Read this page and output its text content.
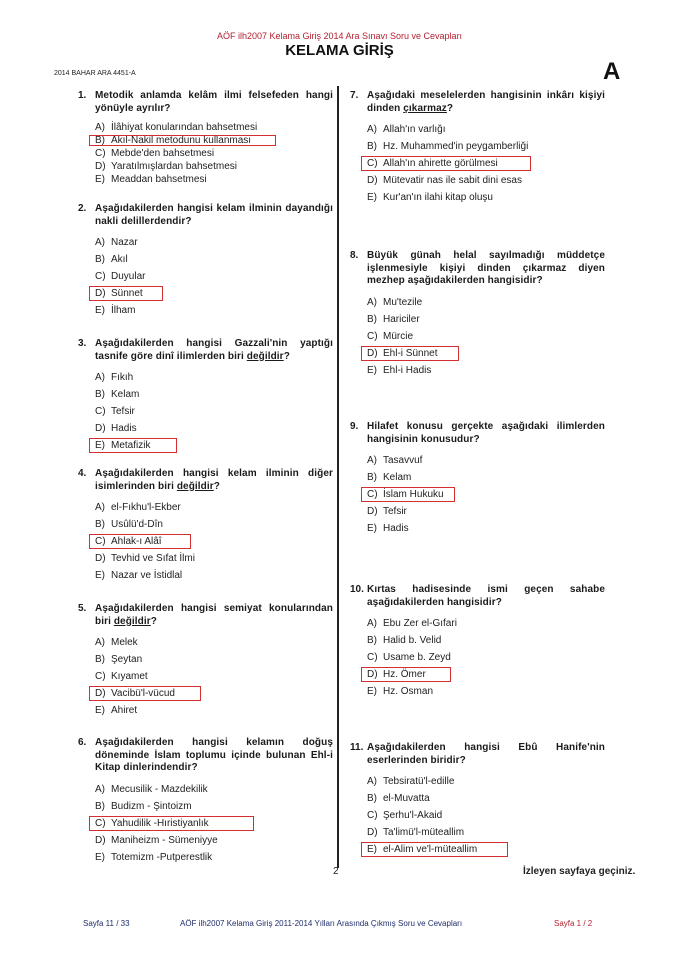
AÖF ilh2007 Kelama Giriş 2014 Ara Sınavı Soru ve Cevapları
KELAMA GİRİŞ
2014 BAHAR ARA 4451-A	A
1. Metodik anlamda kelâm ilmi felsefeden hangi yönüyle ayrılır?
A) İlâhiyat konularından bahsetmesi
B) Akıl-Nakil metodunu kullanması
C) Mebde'den bahsetmesi
D) Yaratılmışlardan bahsetmesi
E) Meaddan bahsetmesi
2. Aşağıdakilerden hangisi kelam ilminin dayandığı nakli delillerdendir?
A) Nazar
B) Akıl
C) Duyular
D) Sünnet
E) İlham
3. Aşağıdakilerden hangisi Gazzali'nin yaptığı tasnife göre dinî ilimlerden biri değildir?
A) Fıkıh
B) Kelam
C) Tefsir
D) Hadis
E) Metafizik
4. Aşağıdakilerden hangisi kelam ilminin diğer isimlerinden biri değildir?
A) el-Fıkhu'l-Ekber
B) Usûlü'd-Dîn
C) Ahlak-ı Alâî
D) Tevhid ve Sıfat İlmi
E) Nazar ve İstidlal
5. Aşağıdakilerden hangisi semiyat konularından biri değildir?
A) Melek
B) Şeytan
C) Kıyamet
D) Vacibü'l-vücud
E) Ahiret
6. Aşağıdakilerden hangisi kelamın doğuş döneminde İslam toplumu içinde bulunan Ehl-i Kitap dinlerindendir?
A) Mecusilik - Mazdekilik
B) Budizm - Şintoizm
C) Yahudilik -Hıristiyanlık
D) Maniheizm - Sümeniyye
E) Totemizm -Putperestlik
7. Aşağıdaki meselelerden hangisinin inkârı kişiyi dinden çıkarmaz?
A) Allah'ın varlığı
B) Hz. Muhammed'in peygamberliği
C) Allah'ın ahirette görülmesi
D) Mütevatir nas ile sabit dini esas
E) Kur'an'ın ilahi kitap oluşu
8. Büyük günah helal sayılmadığı müddetçe işlenmesiyle kişiyi dinden çıkarmaz diyen mezhep aşağıdakilerden hangisidir?
A) Mu'tezile
B) Hariciler
C) Mürcie
D) Ehl-i Sünnet
E) Ehl-i Hadis
9. Hilafet konusu gerçekte aşağıdaki ilimlerden hangisinin konusudur?
A) Tasavvuf
B) Kelam
C) İslam Hukuku
D) Tefsir
E) Hadis
10. Kırtas hadisesinde ismi geçen sahabe aşağıdakilerden hangisidir?
A) Ebu Zer el-Gıfari
B) Halid b. Velid
C) Usame b. Zeyd
D) Hz. Ömer
E) Hz. Osman
11. Aşağıdakilerden hangisi Ebû Hanife'nin eserlerinden biridir?
A) Tebsiratü'l-edille
B) el-Muvatta
C) Şerhu'l-Akaid
D) Ta'limü'l-müteallim
E) el-Alim ve'l-müteallim
2	İzleyen sayfaya geçiniz.
Sayfa 11 / 33	AÖF ilh2007 Kelama Giriş 2011-2014 Yılları Arasında Çıkmış Soru ve Cevapları	Sayfa 1 / 2
